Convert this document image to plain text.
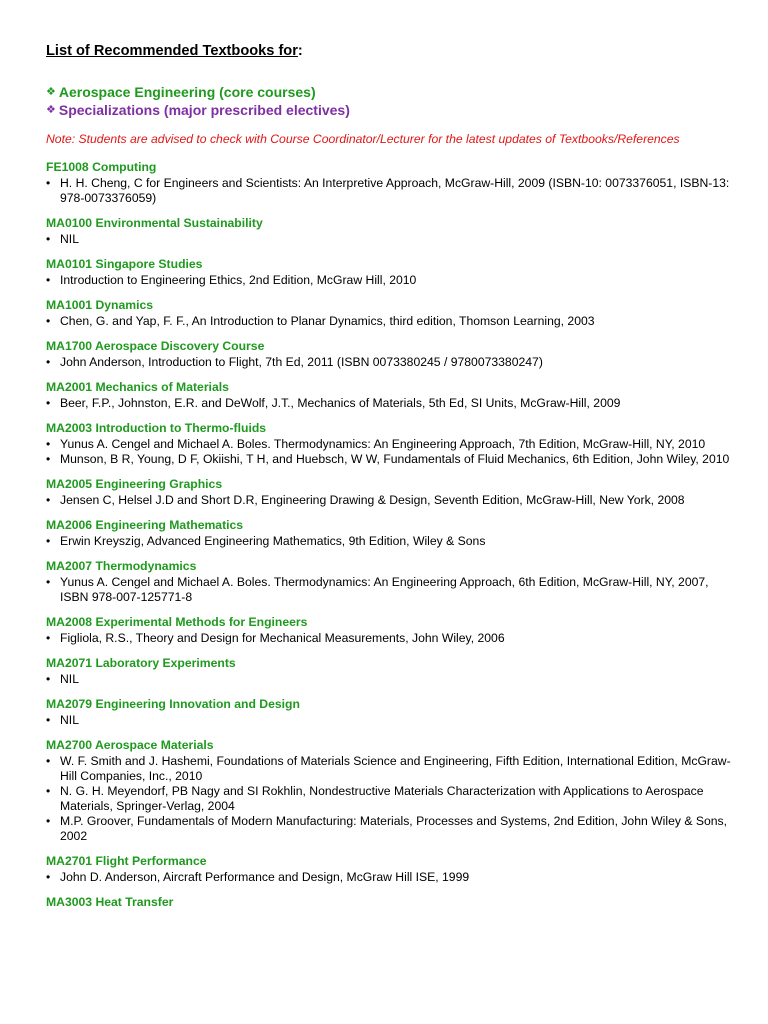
List of Recommended Textbooks for:
❖ Aerospace Engineering (core courses)
❖ Specializations (major prescribed electives)
Note: Students are advised to check with Course Coordinator/Lecturer for the latest updates of Textbooks/References
FE1008 Computing
• H. H. Cheng, C for Engineers and Scientists: An Interpretive Approach, McGraw-Hill, 2009 (ISBN-10: 0073376051, ISBN-13: 978-0073376059)
MA0100 Environmental Sustainability
• NIL
MA0101 Singapore Studies
• Introduction to Engineering Ethics, 2nd Edition, McGraw Hill, 2010
MA1001 Dynamics
• Chen, G. and Yap, F. F., An Introduction to Planar Dynamics, third edition, Thomson Learning, 2003
MA1700 Aerospace Discovery Course
• John Anderson, Introduction to Flight, 7th Ed, 2011 (ISBN 0073380245 / 9780073380247)
MA2001 Mechanics of Materials
• Beer, F.P., Johnston, E.R. and DeWolf, J.T., Mechanics of Materials, 5th Ed, SI Units, McGraw-Hill, 2009
MA2003 Introduction to Thermo-fluids
• Yunus A. Cengel and Michael A. Boles. Thermodynamics: An Engineering Approach, 7th Edition, McGraw-Hill, NY, 2010
• Munson, B R, Young, D F, Okiishi, T H, and Huebsch, W W, Fundamentals of Fluid Mechanics, 6th Edition, John Wiley, 2010
MA2005 Engineering Graphics
• Jensen C, Helsel J.D and Short D.R, Engineering Drawing & Design, Seventh Edition, McGraw-Hill, New York, 2008
MA2006 Engineering Mathematics
• Erwin Kreyszig, Advanced Engineering Mathematics, 9th Edition, Wiley & Sons
MA2007 Thermodynamics
• Yunus A. Cengel and Michael A. Boles. Thermodynamics: An Engineering Approach, 6th Edition, McGraw-Hill, NY, 2007, ISBN 978-007-125771-8
MA2008 Experimental Methods for Engineers
• Figliola, R.S., Theory and Design for Mechanical Measurements, John Wiley, 2006
MA2071 Laboratory Experiments
• NIL
MA2079 Engineering Innovation and Design
• NIL
MA2700 Aerospace Materials
• W. F. Smith and J. Hashemi, Foundations of Materials Science and Engineering, Fifth Edition, International Edition, McGraw-Hill Companies, Inc., 2010
• N. G. H. Meyendorf, PB Nagy and SI Rokhlin, Nondestructive Materials Characterization with Applications to Aerospace Materials, Springer-Verlag, 2004
• M.P. Groover, Fundamentals of Modern Manufacturing: Materials, Processes and Systems, 2nd Edition, John Wiley & Sons, 2002
MA2701 Flight Performance
• John D. Anderson, Aircraft Performance and Design, McGraw Hill ISE, 1999
MA3003 Heat Transfer
